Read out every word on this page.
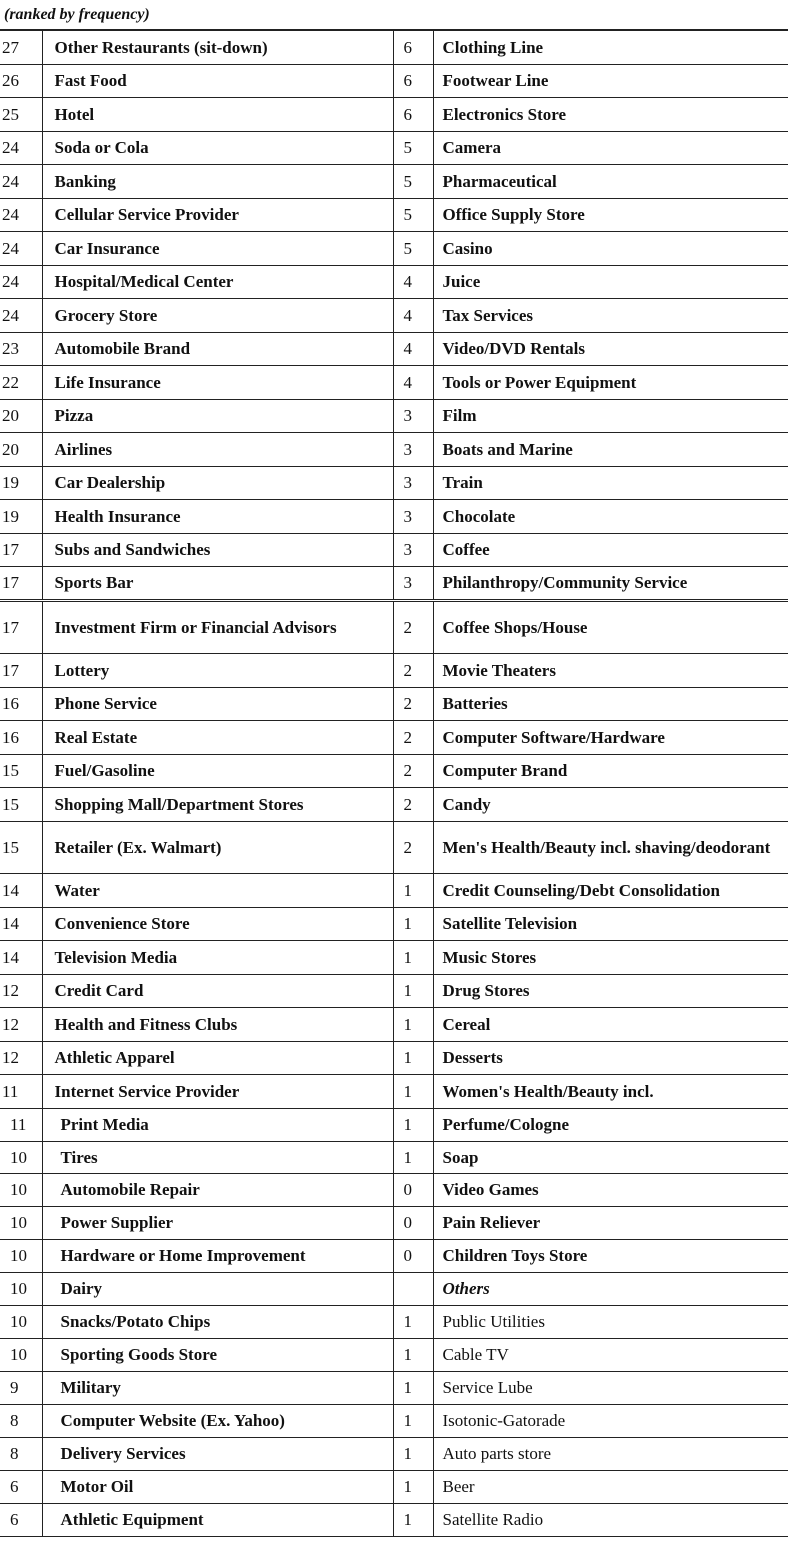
(ranked by frequency)
27	Other Restaurants (sit-down)	6	Clothing Line
26	Fast Food	6	Footwear Line
25	Hotel	6	Electronics Store
24	Soda or Cola	5	Camera
24	Banking	5	Pharmaceutical
24	Cellular Service Provider	5	Office Supply Store
24	Car Insurance	5	Casino
24	Hospital/Medical Center	4	Juice
24	Grocery Store	4	Tax Services
23	Automobile Brand	4	Video/DVD Rentals
22	Life Insurance	4	Tools or Power Equipment
20	Pizza	3	Film
20	Airlines	3	Boats and Marine
19	Car Dealership	3	Train
19	Health Insurance	3	Chocolate
17	Subs and Sandwiches	3	Coffee
17	Sports Bar	3	Philanthropy/Community Service
17	Investment Firm or Financial Advisors	2	Coffee Shops/House
17	Lottery	2	Movie Theaters
16	Phone Service	2	Batteries
16	Real Estate	2	Computer Software/Hardware
15	Fuel/Gasoline	2	Computer Brand
15	Shopping Mall/Department Stores	2	Candy
15	Retailer (Ex. Walmart)	2	Men's Health/Beauty incl. shaving/deodorant
14	Water	1	Credit Counseling/Debt Consolidation
14	Convenience Store	1	Satellite Television
14	Television Media	1	Music Stores
12	Credit Card	1	Drug Stores
12	Health and Fitness Clubs	1	Cereal
12	Athletic Apparel	1	Desserts
11	Internet Service Provider	1	Women's Health/Beauty incl.
11	Print Media	1	Perfume/Cologne
10	Tires	1	Soap
10	Automobile Repair	0	Video Games
10	Power Supplier	0	Pain Reliever
10	Hardware or Home Improvement	0	Children Toys Store
10	Dairy		Others
10	Snacks/Potato Chips	1	Public Utilities
10	Sporting Goods Store	1	Cable TV
9	Military	1	Service Lube
8	Computer Website (Ex. Yahoo)	1	Isotonic-Gatorade
8	Delivery Services	1	Auto parts store
6	Motor Oil	1	Beer
6	Athletic Equipment	1	Satellite Radio
